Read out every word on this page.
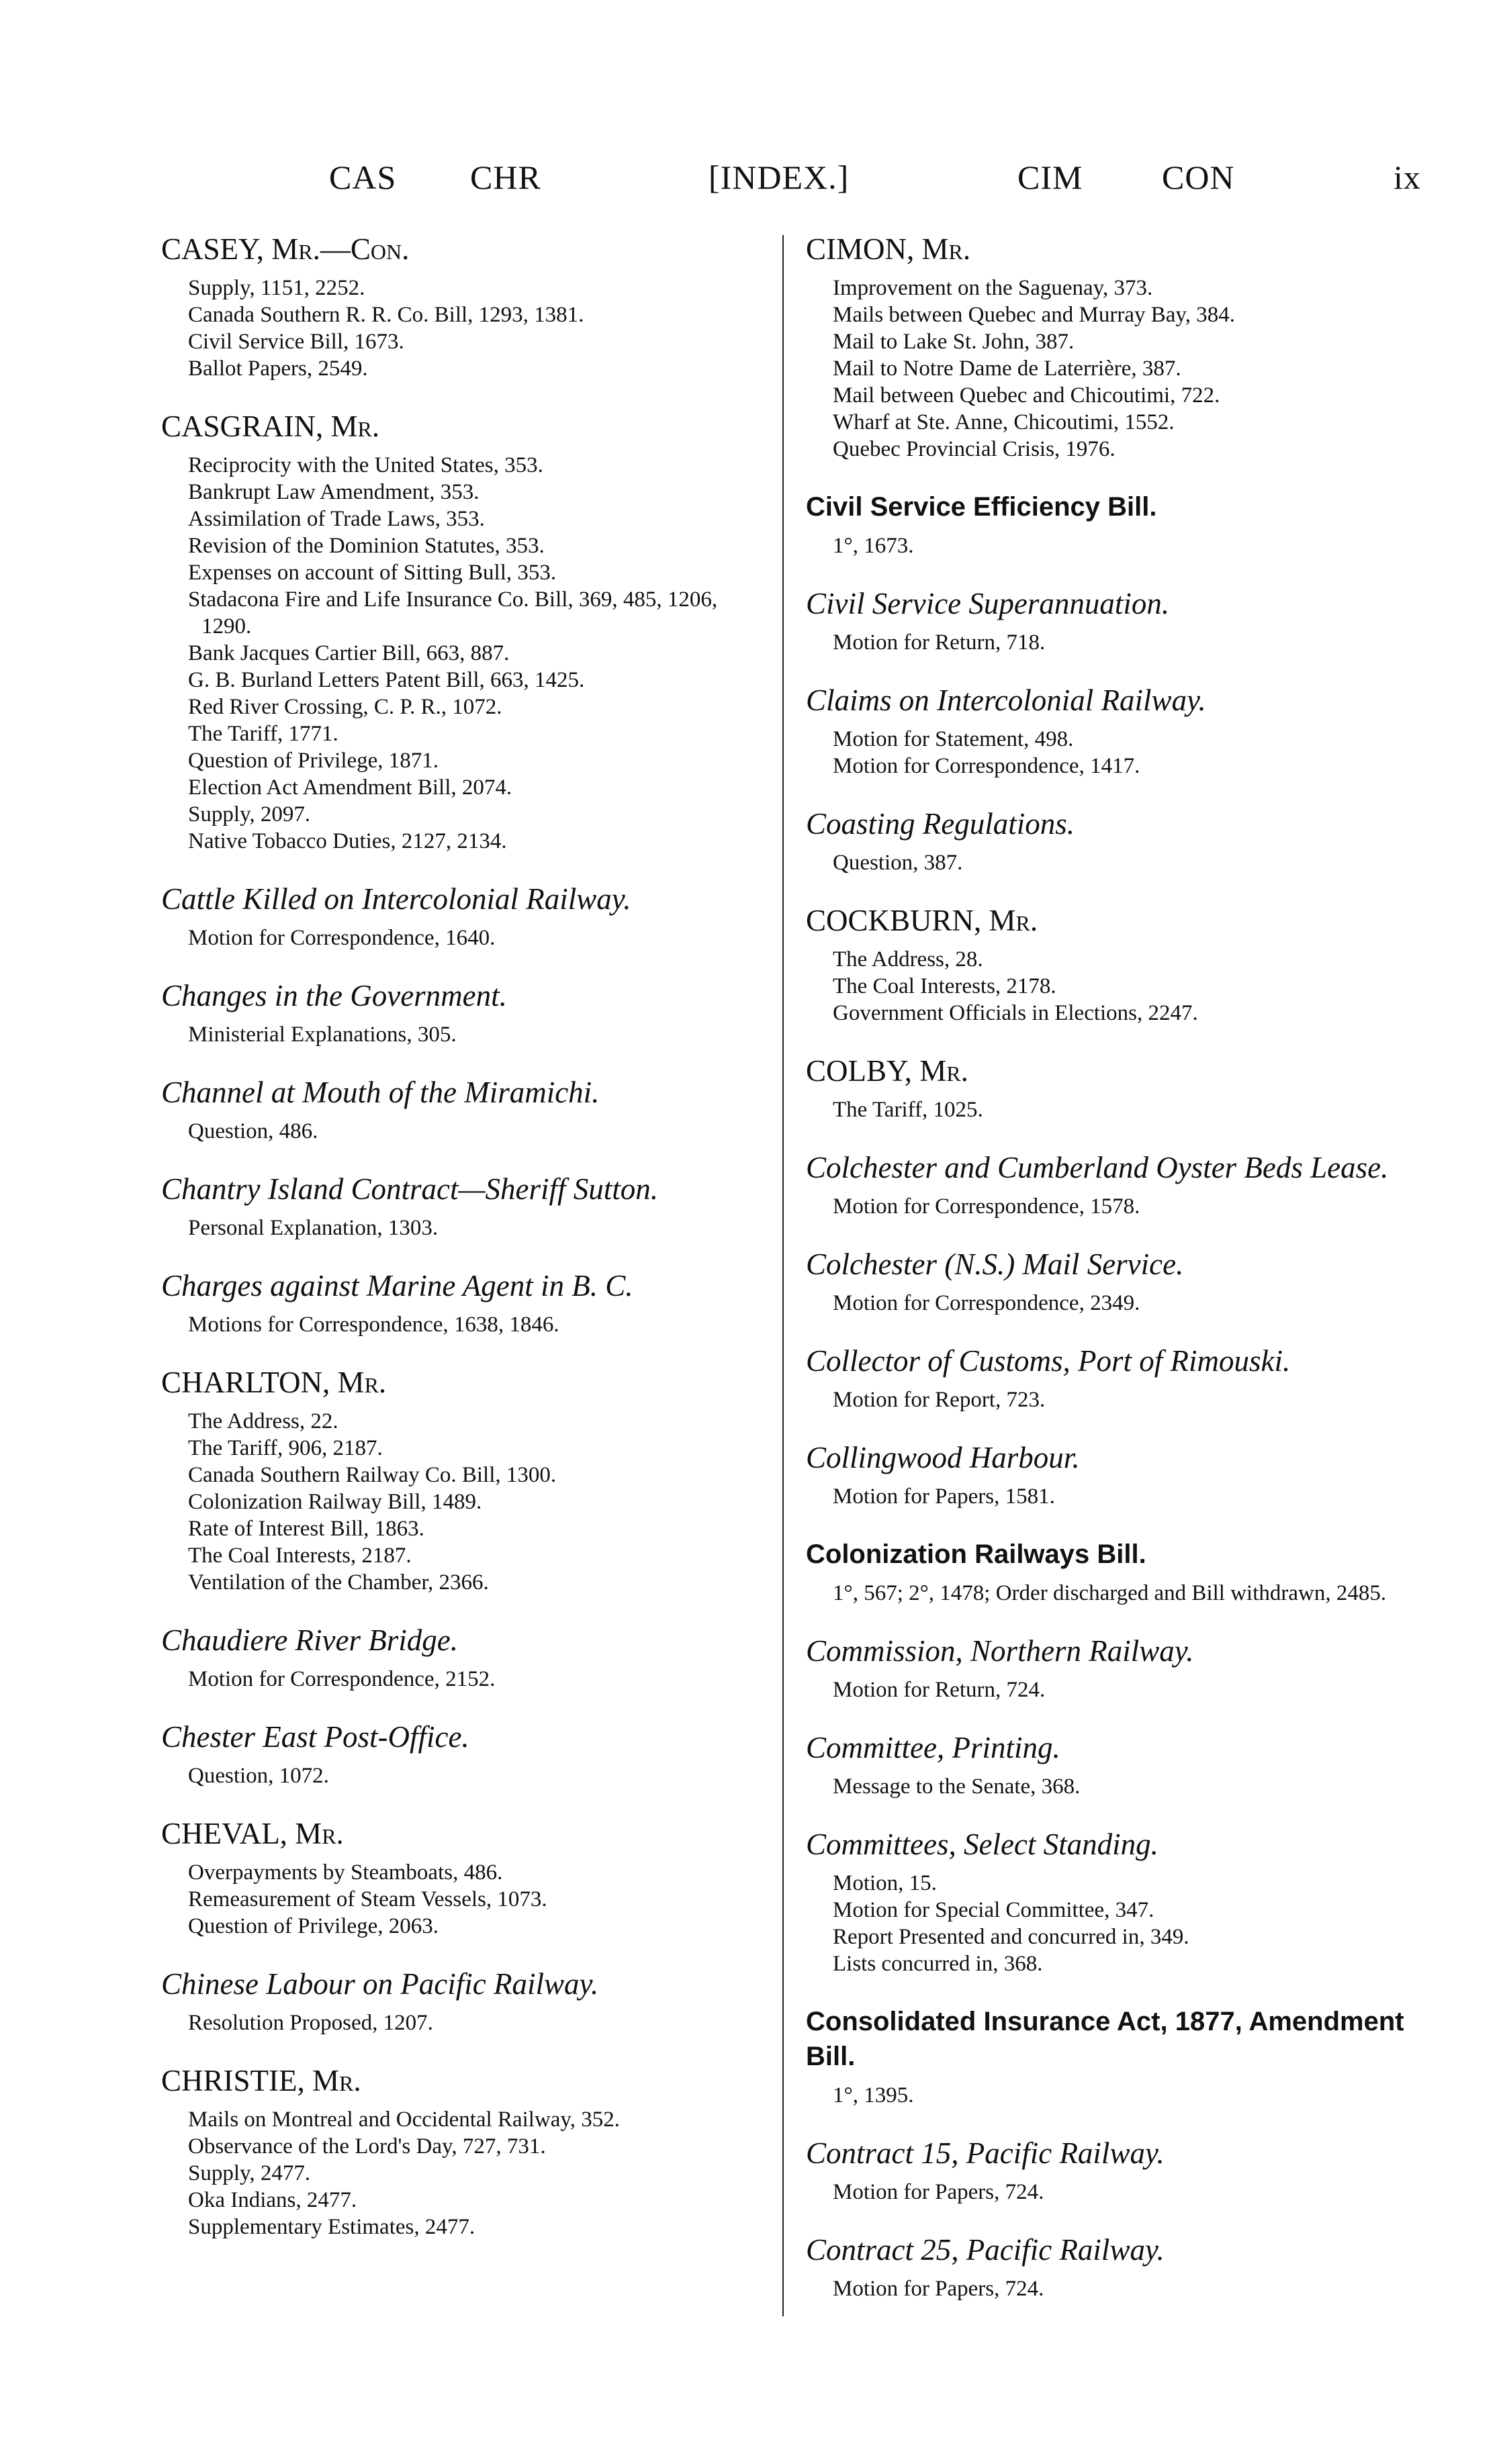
CAS CHR	[INDEX.]	CIM CON	ix
CASEY, Mr.—Con.
Supply, 1151, 2252.
Canada Southern R. R. Co. Bill, 1293, 1381.
Civil Service Bill, 1673.
Ballot Papers, 2549.
CASGRAIN, Mr.
Reciprocity with the United States, 353.
Bankrupt Law Amendment, 353.
Assimilation of Trade Laws, 353.
Revision of the Dominion Statutes, 353.
Expenses on account of Sitting Bull, 353.
Stadacona Fire and Life Insurance Co. Bill, 369, 485, 1206, 1290.
Bank Jacques Cartier Bill, 663, 887.
G. B. Burland Letters Patent Bill, 663, 1425.
Red River Crossing, C. P. R., 1072.
The Tariff, 1771.
Question of Privilege, 1871.
Election Act Amendment Bill, 2074.
Supply, 2097.
Native Tobacco Duties, 2127, 2134.
Cattle Killed on Intercolonial Railway.
Motion for Correspondence, 1640.
Changes in the Government.
Ministerial Explanations, 305.
Channel at Mouth of the Miramichi.
Question, 486.
Chantry Island Contract—Sheriff Sutton.
Personal Explanation, 1303.
Charges against Marine Agent in B. C.
Motions for Correspondence, 1638, 1846.
CHARLTON, Mr.
The Address, 22.
The Tariff, 906, 2187.
Canada Southern Railway Co. Bill, 1300.
Colonization Railway Bill, 1489.
Rate of Interest Bill, 1863.
The Coal Interests, 2187.
Ventilation of the Chamber, 2366.
Chaudiere River Bridge.
Motion for Correspondence, 2152.
Chester East Post-Office.
Question, 1072.
CHEVAL, Mr.
Overpayments by Steamboats, 486.
Remeasurement of Steam Vessels, 1073.
Question of Privilege, 2063.
Chinese Labour on Pacific Railway.
Resolution Proposed, 1207.
CHRISTIE, Mr.
Mails on Montreal and Occidental Railway, 352.
Observance of the Lord's Day, 727, 731.
Supply, 2477.
Oka Indians, 2477.
Supplementary Estimates, 2477.
CIMON, Mr.
Improvement on the Saguenay, 373.
Mails between Quebec and Murray Bay, 384.
Mail to Lake St. John, 387.
Mail to Notre Dame de Laterrière, 387.
Mail between Quebec and Chicoutimi, 722.
Wharf at Ste. Anne, Chicoutimi, 1552.
Quebec Provincial Crisis, 1976.
Civil Service Efficiency Bill.
1°, 1673.
Civil Service Superannuation.
Motion for Return, 718.
Claims on Intercolonial Railway.
Motion for Statement, 498.
Motion for Correspondence, 1417.
Coasting Regulations.
Question, 387.
COCKBURN, Mr.
The Address, 28.
The Coal Interests, 2178.
Government Officials in Elections, 2247.
COLBY, Mr.
The Tariff, 1025.
Colchester and Cumberland Oyster Beds Lease.
Motion for Correspondence, 1578.
Colchester (N.S.) Mail Service.
Motion for Correspondence, 2349.
Collector of Customs, Port of Rimouski.
Motion for Report, 723.
Collingwood Harbour.
Motion for Papers, 1581.
Colonization Railways Bill.
1°, 567; 2°, 1478; Order discharged and Bill withdrawn, 2485.
Commission, Northern Railway.
Motion for Return, 724.
Committee, Printing.
Message to the Senate, 368.
Committees, Select Standing.
Motion, 15.
Motion for Special Committee, 347.
Report Presented and concurred in, 349.
Lists concurred in, 368.
Consolidated Insurance Act, 1877, Amendment Bill.
1°, 1395.
Contract 15, Pacific Railway.
Motion for Papers, 724.
Contract 25, Pacific Railway.
Motion for Papers, 724.
